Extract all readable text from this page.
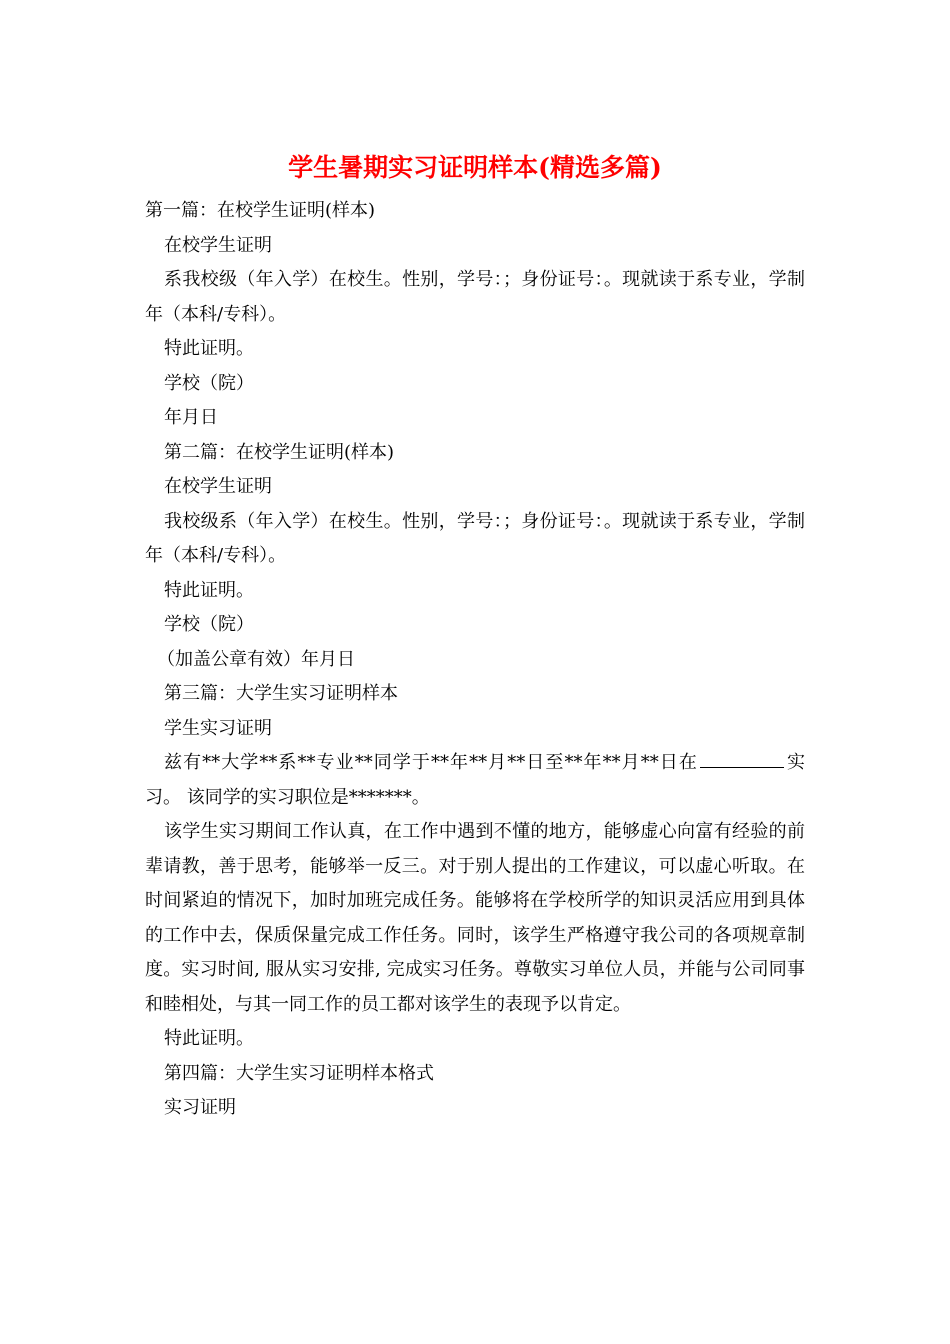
学生暑期实习证明样本(精选多篇)

第一篇：在校学生证明(样本)

在校学生证明

系我校级（年入学）在校生。性别，学号：；身份证号：。现就读于系专业，学制年（本科/专科）。

特此证明。

学校（院）

年月日

第二篇：在校学生证明(样本)

在校学生证明

我校级系（年入学）在校生。性别，学号：；身份证号：。现就读于系专业，学制年（本科/专科）。

特此证明。

学校（院）

（加盖公章有效）年月日

第三篇：大学生实习证明样本

学生实习证明

兹有**大学**系**专业**同学于**年**月**日至**年**月**日在	实习。 该同学的实习职位是*******。

该学生实习期间工作认真，在工作中遇到不懂的地方，能够虚心向富有经验的前辈请教，善于思考，能够举一反三。对于别人提出的工作建议，可以虚心听取。在时间紧迫的情况下，加时加班完成任务。能够将在学校所学的知识灵活应用到具体的工作中去，保质保量完成工作任务。同时，该学生严格遵守我公司的各项规章制度。实习时间, 服从实习安排, 完成实习任务。尊敬实习单位人员，并能与公司同事和睦相处，与其一同工作的员工都对该学生的表现予以肯定。

特此证明。

第四篇：大学生实习证明样本格式

实习证明
